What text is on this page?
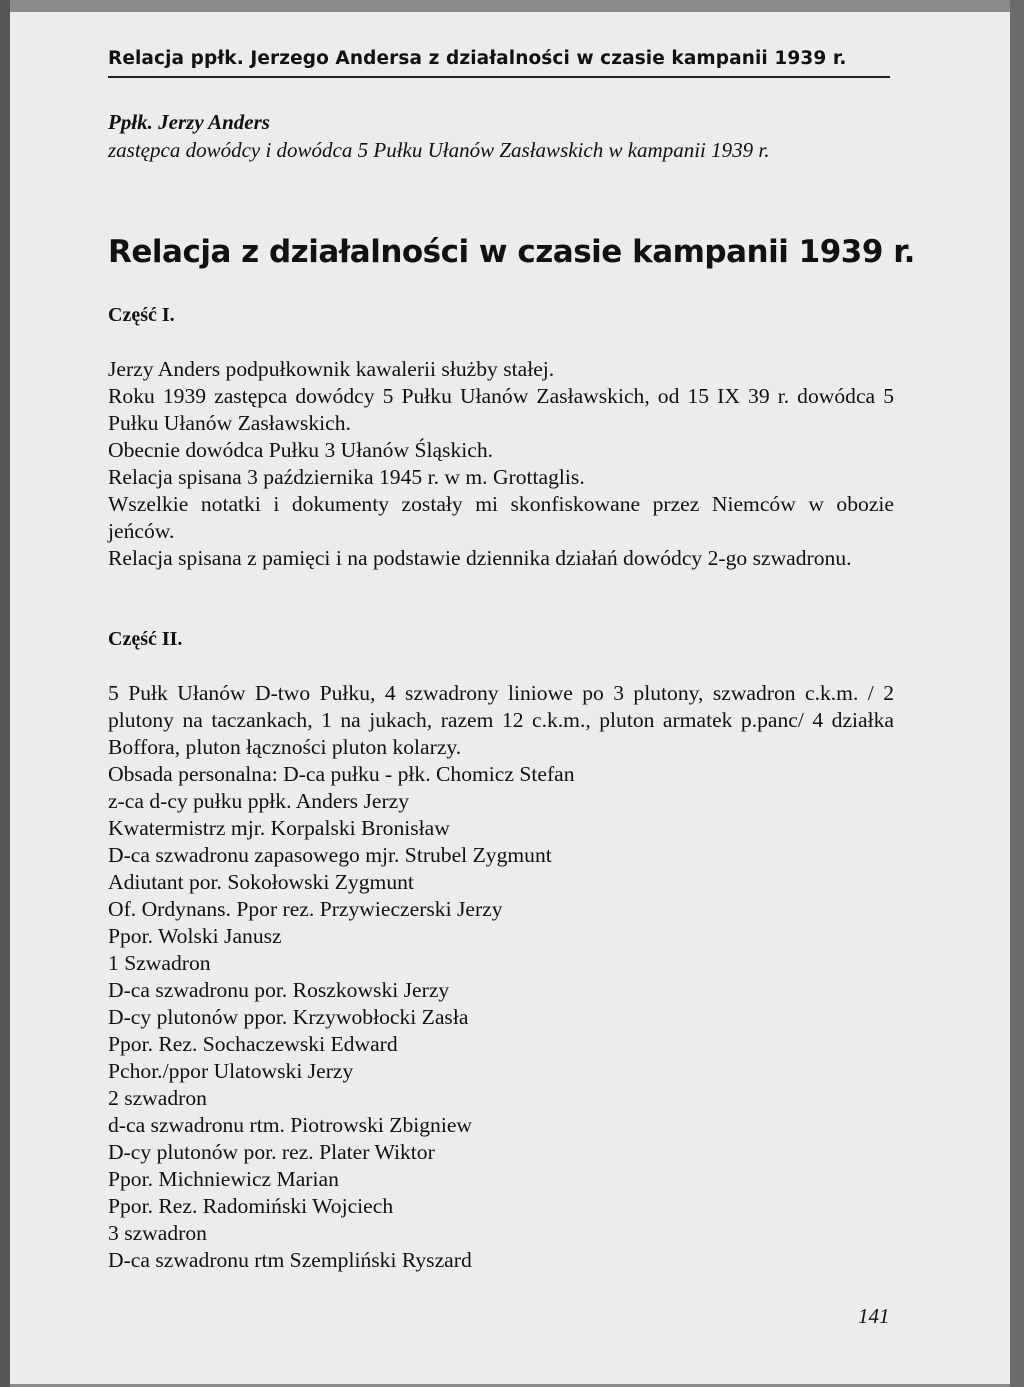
Relacja ppłk. Jerzego Andersa z działalności w czasie kampanii 1939 r.
Ppłk. Jerzy Anders
zastępca dowódcy i dowódca 5 Pułku Ułanów Zasławskich w kampanii 1939 r.
Relacja z działalności w czasie kampanii 1939 r.
Część I.

Jerzy Anders podpułkownik kawalerii służby stałej.

Roku 1939 zastępca dowódcy 5 Pułku Ułanów Zasławskich, od 15 IX 39 r. dowódca 5 Pułku Ułanów Zasławskich.

Obecnie dowódca Pułku 3 Ułanów Śląskich.

Relacja spisana 3 października 1945 r. w m. Grottaglis.

Wszelkie notatki i dokumenty zostały mi skonfiskowane przez Niemców w obozie jeńców.

Relacja spisana z pamięci i na podstawie dziennika działań dowódcy 2-go szwadronu.

Część II.

5 Pułk Ułanów D-two Pułku, 4 szwadrony liniowe po 3 plutony, szwadron c.k.m. / 2 plutony na taczankach, 1 na jukach, razem 12 c.k.m., pluton armatek p.panc/ 4 działka Boffora, pluton łączności pluton kolarzy.

Obsada personalna: D-ca pułku - płk. Chomicz Stefan

z-ca d-cy pułku ppłk. Anders Jerzy

Kwatermistrz mjr. Korpalski Bronisław

D-ca szwadronu zapasowego mjr. Strubel Zygmunt

Adiutant por. Sokołowski Zygmunt

Of. Ordynans. Ppor rez. Przywieczerski Jerzy

Ppor. Wolski Janusz

1 Szwadron

D-ca szwadronu por. Roszkowski Jerzy

D-cy plutonów ppor. Krzywobłocki Zasła

Ppor. Rez. Sochaczewski Edward

Pchor./ppor Ulatowski Jerzy

2 szwadron

d-ca szwadronu rtm. Piotrowski Zbigniew

D-cy plutonów por. rez. Plater Wiktor

Ppor. Michniewicz Marian

Ppor. Rez. Radomiński Wojciech

3 szwadron

D-ca szwadronu rtm Szempliński Ryszard

141
